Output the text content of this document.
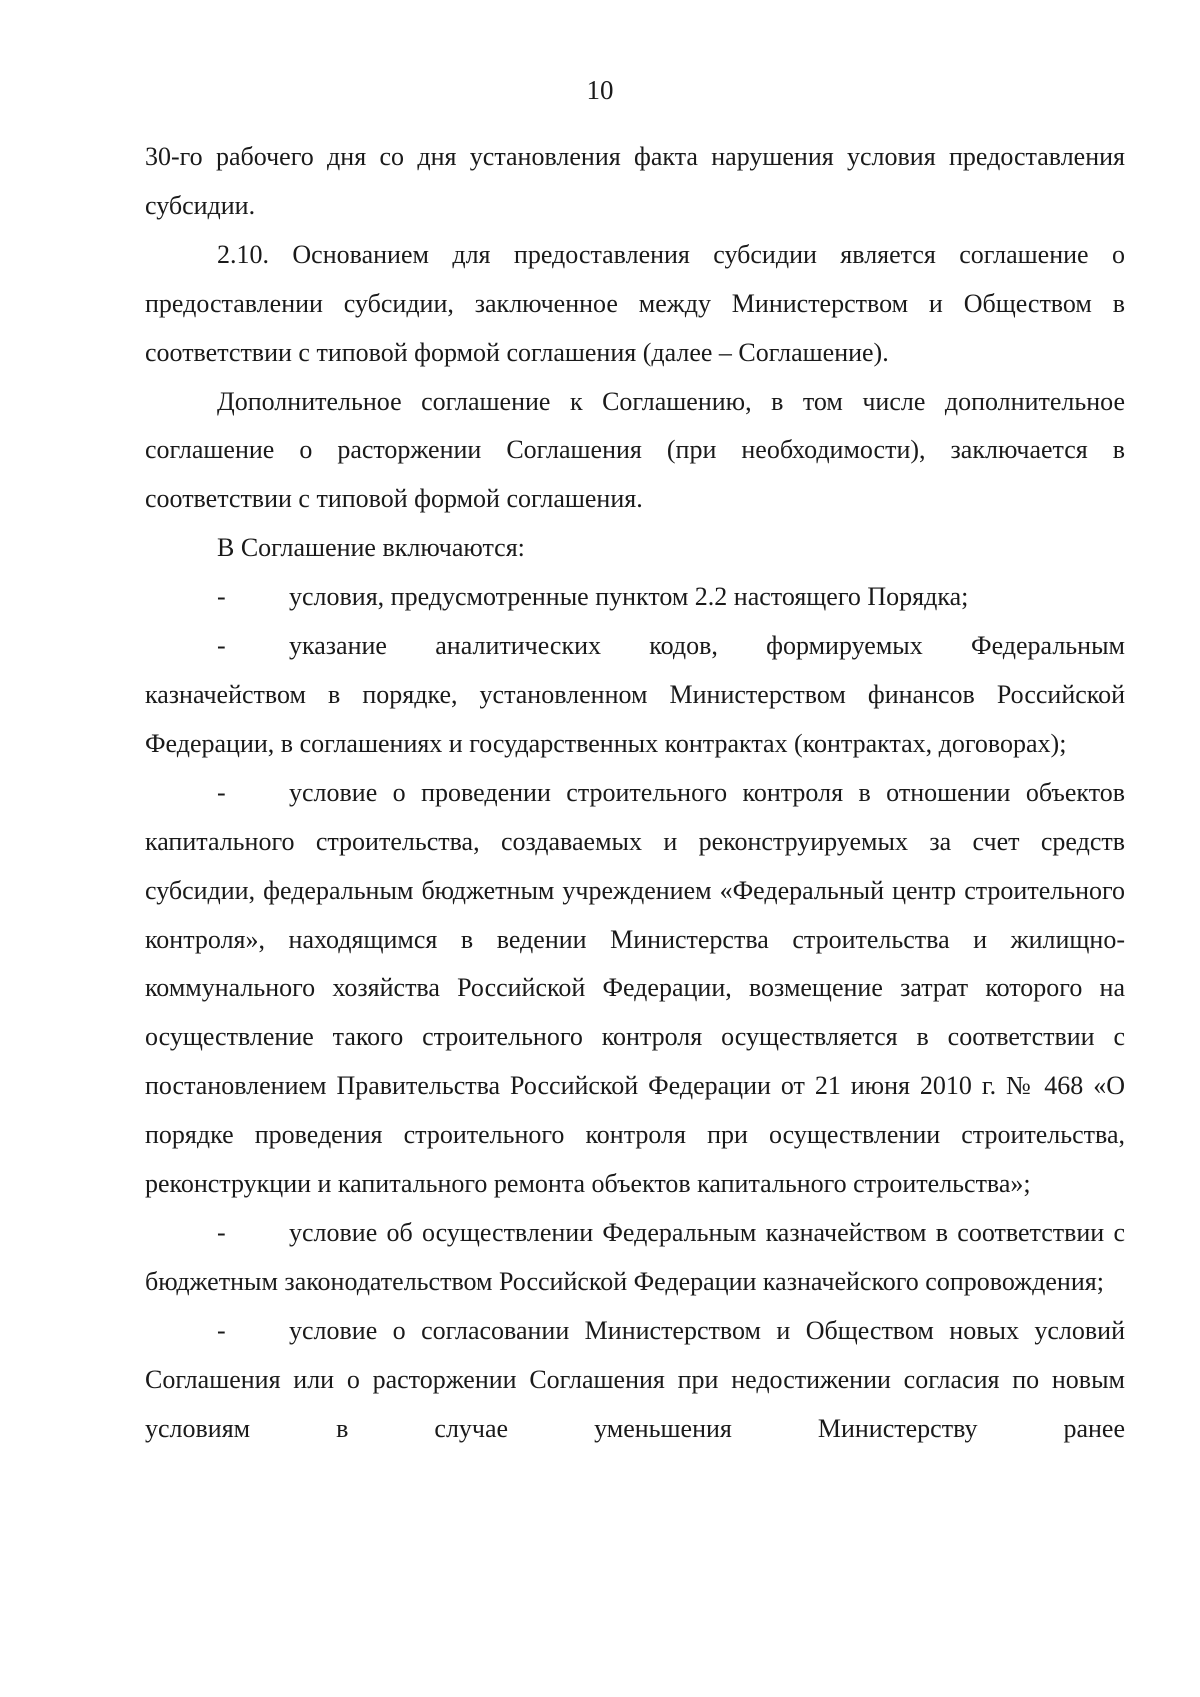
10

30-го рабочего дня со дня установления факта нарушения условия предоставления субсидии.

2.10. Основанием для предоставления субсидии является соглашение о предоставлении субсидии, заключенное между Министерством и Обществом в соответствии с типовой формой соглашения (далее – Соглашение).

Дополнительное соглашение к Соглашению, в том числе дополнительное соглашение о расторжении Соглашения (при необходимости), заключается в соответствии с типовой формой соглашения.

В Соглашение включаются:

- условия, предусмотренные пунктом 2.2 настоящего Порядка;

- указание аналитических кодов, формируемых Федеральным казначейством в порядке, установленном Министерством финансов Российской Федерации, в соглашениях и государственных контрактах (контрактах, договорах);

- условие о проведении строительного контроля в отношении объектов капитального строительства, создаваемых и реконструируемых за счет средств субсидии, федеральным бюджетным учреждением «Федеральный центр строительного контроля», находящимся в ведении Министерства строительства и жилищно-коммунального хозяйства Российской Федерации, возмещение затрат которого на осуществление такого строительного контроля осуществляется в соответствии с постановлением Правительства Российской Федерации от 21 июня 2010 г. № 468 «О порядке проведения строительного контроля при осуществлении строительства, реконструкции и капитального ремонта объектов капитального строительства»;

- условие об осуществлении Федеральным казначейством в соответствии с бюджетным законодательством Российской Федерации казначейского сопровождения;

- условие о согласовании Министерством и Обществом новых условий Соглашения или о расторжении Соглашения при недостижении согласия по новым условиям в случае уменьшения Министерству ранее
